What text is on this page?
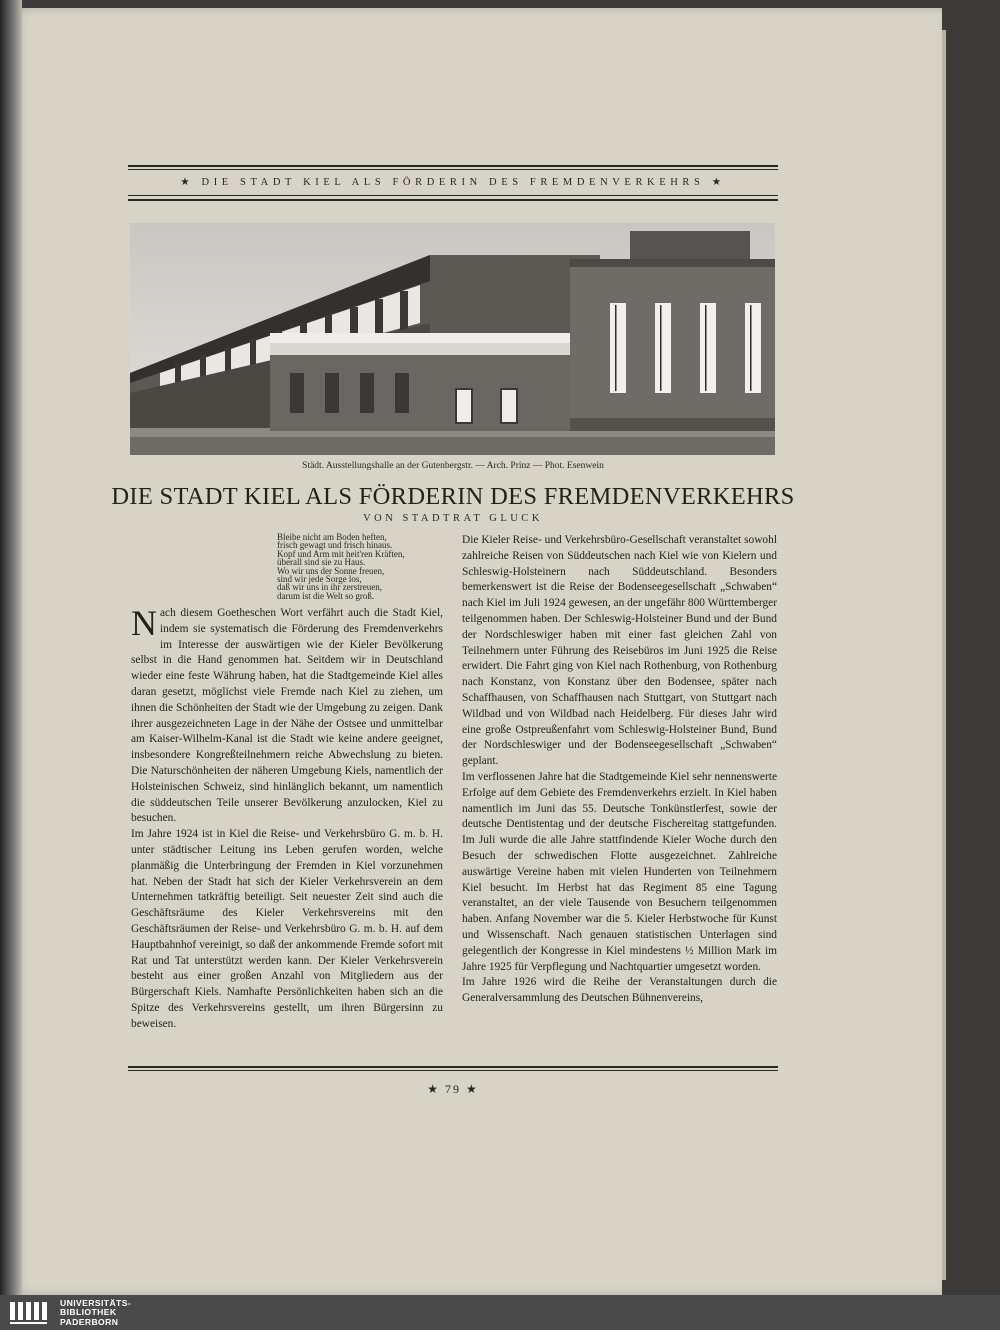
★ DIE STADT KIEL ALS FÖRDERIN DES FREMDENVERKEHRS ★
Städt. Ausstellungshalle an der Gutenbergstr. — Arch. Prinz — Phot. Esenwein
DIE STADT KIEL ALS FÖRDERIN DES FREMDENVERKEHRS
VON STADTRAT GLUCK
Bleibe nicht am Boden heften,
frisch gewagt und frisch hinaus.
Kopf und Arm mit heit'ren Kräften,
überall sind sie zu Haus.
Wo wir uns der Sonne freuen,
sind wir jede Sorge los,
daß wir uns in ihr zerstreuen,
darum ist die Welt so groß.

Nach diesem Goetheschen Wort verfährt auch die Stadt Kiel, indem sie systematisch die Förderung des Fremdenverkehrs im Interesse der auswärtigen wie der Kieler Bevölkerung selbst in die Hand genommen hat. Seitdem wir in Deutschland wieder eine feste Währung haben, hat die Stadtgemeinde Kiel alles daran gesetzt, möglichst viele Fremde nach Kiel zu ziehen, um ihnen die Schönheiten der Stadt wie der Umgebung zu zeigen. Dank ihrer ausgezeichneten Lage in der Nähe der Ostsee und unmittelbar am Kaiser-Wilhelm-Kanal ist die Stadt wie keine andere geeignet, insbesondere Kongreßteilnehmern reiche Abwechslung zu bieten. Die Naturschönheiten der näheren Umgebung Kiels, namentlich der Holsteinischen Schweiz, sind hinlänglich bekannt, um namentlich die süddeutschen Teile unserer Bevölkerung anzulocken, Kiel zu besuchen.

Im Jahre 1924 ist in Kiel die Reise- und Verkehrsbüro G. m. b. H. unter städtischer Leitung ins Leben gerufen worden, welche planmäßig die Unterbringung der Fremden in Kiel vorzunehmen hat. Neben der Stadt hat sich der Kieler Verkehrsverein an dem Unternehmen tatkräftig beteiligt. Seit neuester Zeit sind auch die Geschäftsräume des Kieler Verkehrsvereins mit den Geschäftsräumen der Reise- und Verkehrsbüro G. m. b. H. auf dem Hauptbahnhof vereinigt, so daß der ankommende Fremde sofort mit Rat und Tat unterstützt werden kann. Der Kieler Verkehrsverein besteht aus einer großen Anzahl von Mitgliedern aus der Bürgerschaft Kiels. Namhafte Persönlichkeiten haben sich an die Spitze des Verkehrsvereins gestellt, um ihren Bürgersinn zu beweisen.

Die Kieler Reise- und Verkehrsbüro-Gesellschaft veranstaltet sowohl zahlreiche Reisen von Süddeutschen nach Kiel wie von Kielern und Schleswig-Holsteinern nach Süddeutschland. Besonders bemerkenswert ist die Reise der Bodenseegesellschaft „Schwaben“ nach Kiel im Juli 1924 gewesen, an der ungefähr 800 Württemberger teilgenommen haben. Der Schleswig-Holsteiner Bund und der Bund der Nordschleswiger haben mit einer fast gleichen Zahl von Teilnehmern unter Führung des Reisebüros im Juni 1925 die Reise erwidert. Die Fahrt ging von Kiel nach Rothenburg, von Rothenburg nach Konstanz, von Konstanz über den Bodensee, später nach Schaffhausen, von Schaffhausen nach Stuttgart, von Stuttgart nach Wildbad und von Wildbad nach Heidelberg. Für dieses Jahr wird eine große Ostpreußenfahrt vom Schleswig-Holsteiner Bund, Bund der Nordschleswiger und der Bodenseegesellschaft „Schwaben“ geplant.

Im verflossenen Jahre hat die Stadtgemeinde Kiel sehr nennenswerte Erfolge auf dem Gebiete des Fremdenverkehrs erzielt. In Kiel haben namentlich im Juni das 55. Deutsche Tonkünstlerfest, sowie der deutsche Dentistentag und der deutsche Fischereitag stattgefunden. Im Juli wurde die alle Jahre stattfindende Kieler Woche durch den Besuch der schwedischen Flotte ausgezeichnet. Zahlreiche auswärtige Vereine haben mit vielen Hunderten von Teilnehmern Kiel besucht. Im Herbst hat das Regiment 85 eine Tagung veranstaltet, an der viele Tausende von Besuchern teilgenommen haben. Anfang November war die 5. Kieler Herbstwoche für Kunst und Wissenschaft. Nach genauen statistischen Unterlagen sind gelegentlich der Kongresse in Kiel mindestens ½ Million Mark im Jahre 1925 für Verpflegung und Nachtquartier umgesetzt worden.

Im Jahre 1926 wird die Reihe der Veranstaltungen durch die Generalversammlung des Deutschen Bühnenvereins,

★ 79 ★
UNIVERSITÄTS-
BIBLIOTHEK
PADERBORN
